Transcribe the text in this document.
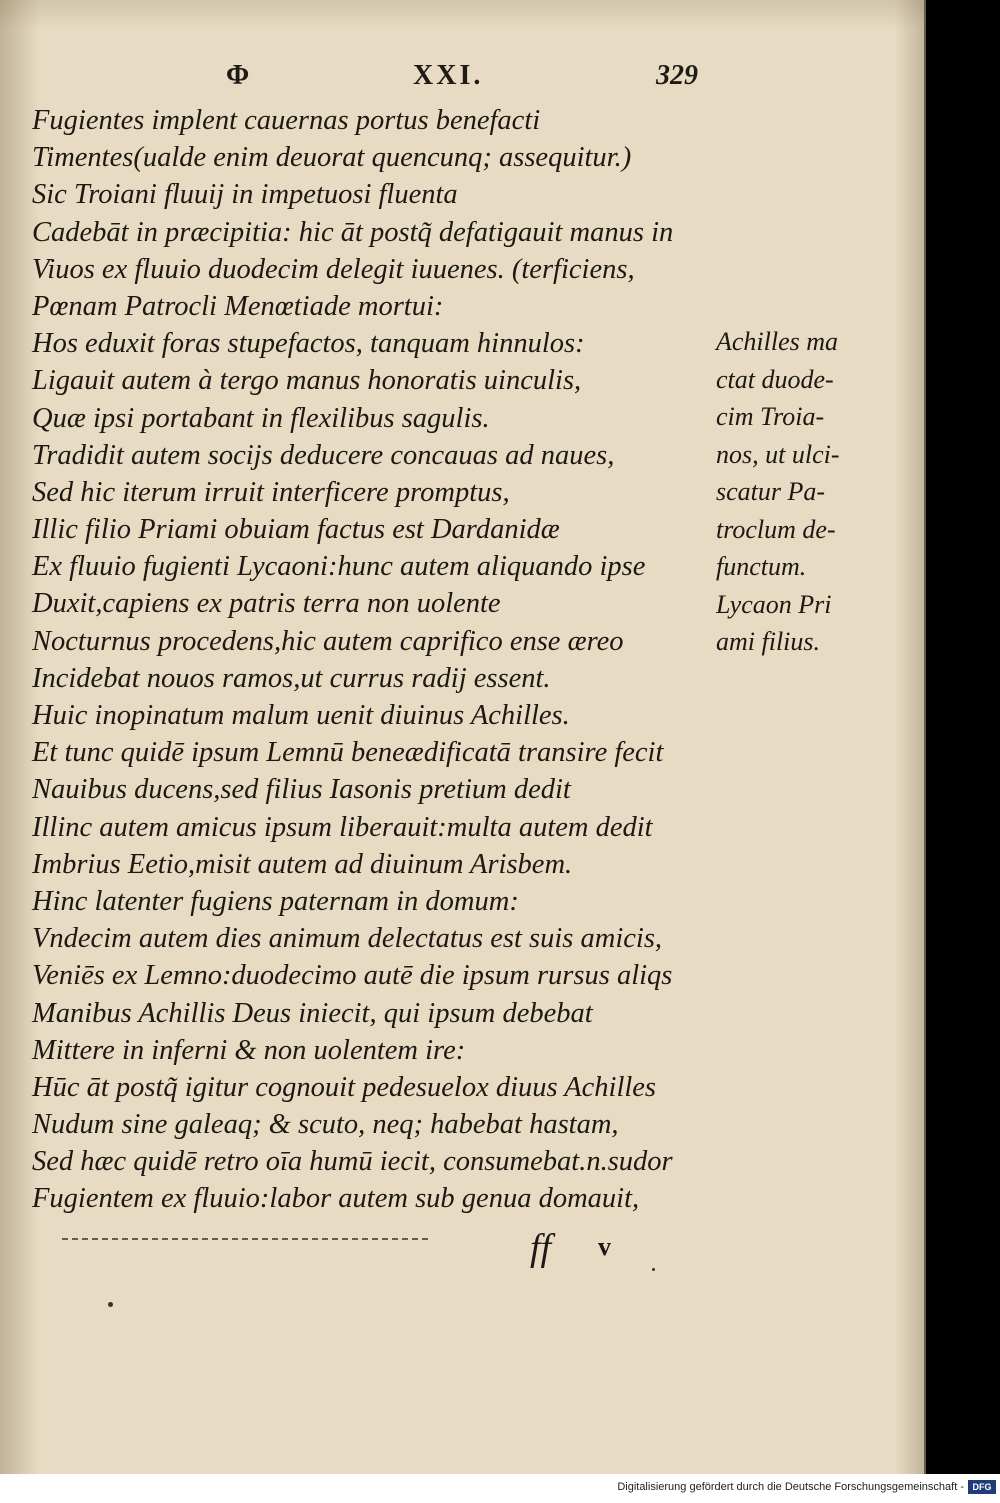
Φ	XXI.	329
Fugientes implent cauernas portus benefacti
Timentes(ualde enim deuorat quencunq; assequitur.)
Sic Troiani fluuij in impetuosi fluenta
Cadebāt in præcipitia: hic āt postq̃ defatigauit manus in
Viuos ex fluuio duodecim delegit iuuenes. (terficiens,
Pœnam Patrocli Menœtiade mortui:
Hos eduxit foras stupefactos, tanquam hinnulos:
Ligauit autem à tergo manus honoratis uinculis,
Quæ ipsi portabant in flexilibus sagulis.
Tradidit autem socijs deducere concauas ad naues,
Sed hic iterum irruit interficere promptus,
Illic filio Priami obuiam factus est Dardanidæ
Ex fluuio fugienti Lycaoni:hunc autem aliquando ipse
Duxit,capiens ex patris terra non uolente
Nocturnus procedens,hic autem caprifico ense æreo
Incidebat nouos ramos,ut currus radij essent.
Huic inopinatum malum uenit diuinus Achilles.
Et tunc quidē ipsum Lemnū beneædificatā transire fecit
Nauibus ducens,sed filius Iasonis pretium dedit
Illinc autem amicus ipsum liberauit:multa autem dedit
Imbrius Eetio,misit autem ad diuinum Arisbem.
Hinc latenter fugiens paternam in domum:
Vndecim autem dies animum delectatus est suis amicis,
Veniēs ex Lemno:duodecimo autē die ipsum rursus aliqs
Manibus Achillis Deus iniecit, qui ipsum debebat
Mittere in inferni & non uolentem ire:
Hūc āt postq̃ igitur cognouit pedesuelox diuus Achilles
Nudum sine galeaq; & scuto, neq; habebat hastam,
Sed hæc quidē retro oīa humū iecit, consumebat.n.sudor
Fugientem ex fluuio:labor autem sub genua domauit,
Achilles ma
ctat duode-
cim Troia-
nos, ut ulci-
scatur Pa-
troclum de-
functum.
Lycaon Pri
ami filius.
ff v
Digitalisierung gefördert durch die Deutsche Forschungsgemeinschaft - DFG
